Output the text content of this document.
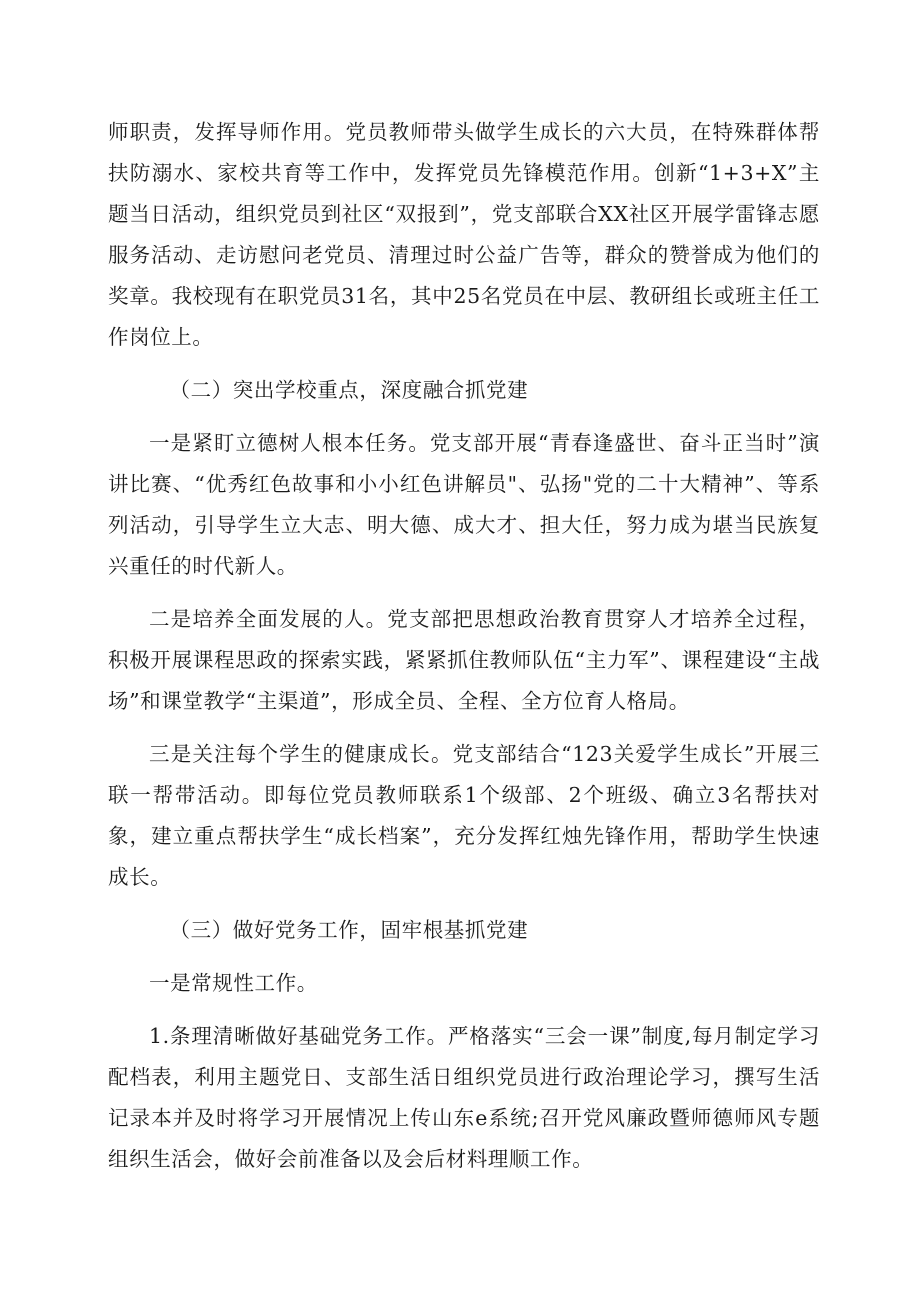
师职责，发挥导师作用。党员教师带头做学生成长的六大员，在特殊群体帮扶防溺水、家校共育等工作中，发挥党员先锋模范作用。创新“1+3+X”主题当日活动，组织党员到社区“双报到”，党支部联合XX社区开展学雷锋志愿服务活动、走访慰问老党员、清理过时公益广告等，群众的赞誉成为他们的奖章。我校现有在职党员31名，其中25名党员在中层、教研组长或班主任工作岗位上。

（二）突出学校重点，深度融合抓党建

一是紧盯立德树人根本任务。党支部开展“青春逢盛世、奋斗正当时”演讲比赛、“优秀红色故事和小小红色讲解员"、弘扬"党的二十大精神”、等系列活动，引导学生立大志、明大德、成大才、担大任，努力成为堪当民族复兴重任的时代新人。

二是培养全面发展的人。党支部把思想政治教育贯穿人才培养全过程，积极开展课程思政的探索实践，紧紧抓住教师队伍“主力军”、课程建设“主战场”和课堂教学“主渠道”，形成全员、全程、全方位育人格局。

三是关注每个学生的健康成长。党支部结合“123关爱学生成长”开展三联一帮带活动。即每位党员教师联系1个级部、2个班级、确立3名帮扶对象，建立重点帮扶学生“成长档案”，充分发挥红烛先锋作用，帮助学生快速成长。

（三）做好党务工作，固牢根基抓党建

一是常规性工作。

1.条理清晰做好基础党务工作。严格落实“三会一课”制度,每月制定学习配档表，利用主题党日、支部生活日组织党员进行政治理论学习，撰写生活记录本并及时将学习开展情况上传山东e系统;召开党风廉政暨师德师风专题组织生活会，做好会前准备以及会后材料理顺工作。
